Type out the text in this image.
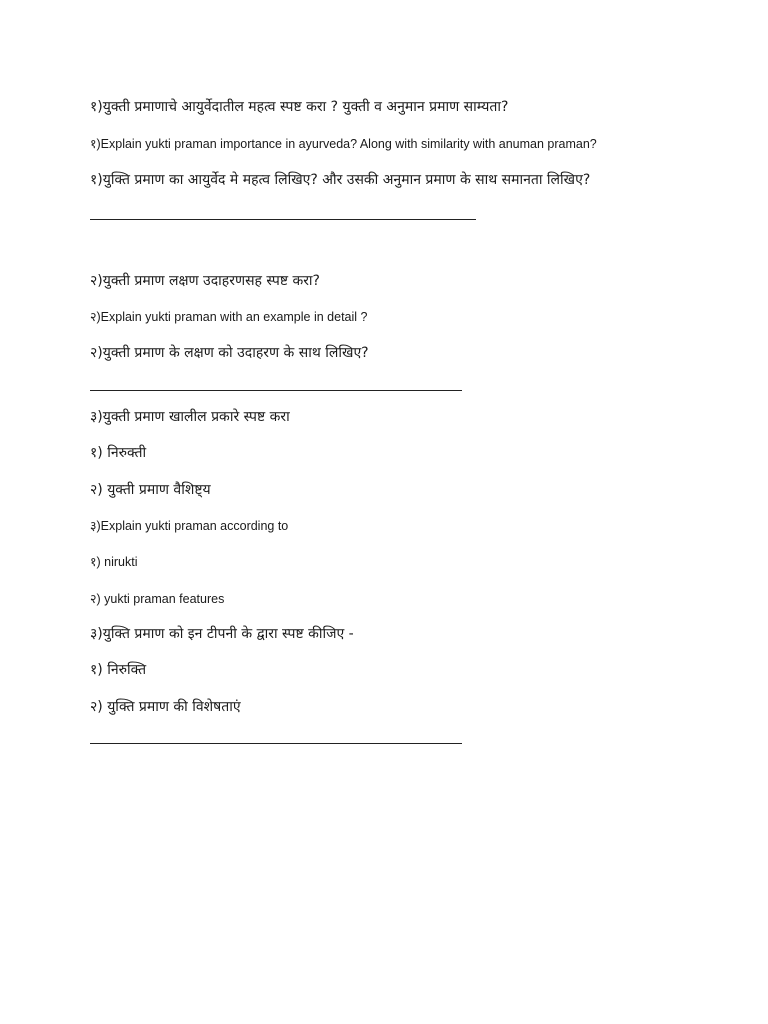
१)युक्ती प्रमाणाचे आयुर्वेदातील महत्व स्पष्ट करा ? युक्ती व अनुमान प्रमाण साम्यता?

१)Explain yukti praman importance in ayurveda? Along with similarity with anuman praman?

१)युक्ति प्रमाण का आयुर्वेद मे महत्व लिखिए? और उसकी अनुमान प्रमाण के साथ समानता लिखिए?

२)युक्ती प्रमाण लक्षण उदाहरणसह स्पष्ट करा?

२)Explain yukti praman with an example in detail ?

२)युक्ती प्रमाण के लक्षण को उदाहरण के साथ लिखिए?

३)युक्ती प्रमाण खालील प्रकारे स्पष्ट करा

१) निरुक्ती

२) युक्ती प्रमाण वैशिष्ट्य

३)Explain yukti praman according to

१) nirukti

२) yukti praman features

३)युक्ति प्रमाण को इन टीपनी के द्वारा स्पष्ट कीजिए -

१) निरुक्ति

२) युक्ति प्रमाण की विशेषताएं
